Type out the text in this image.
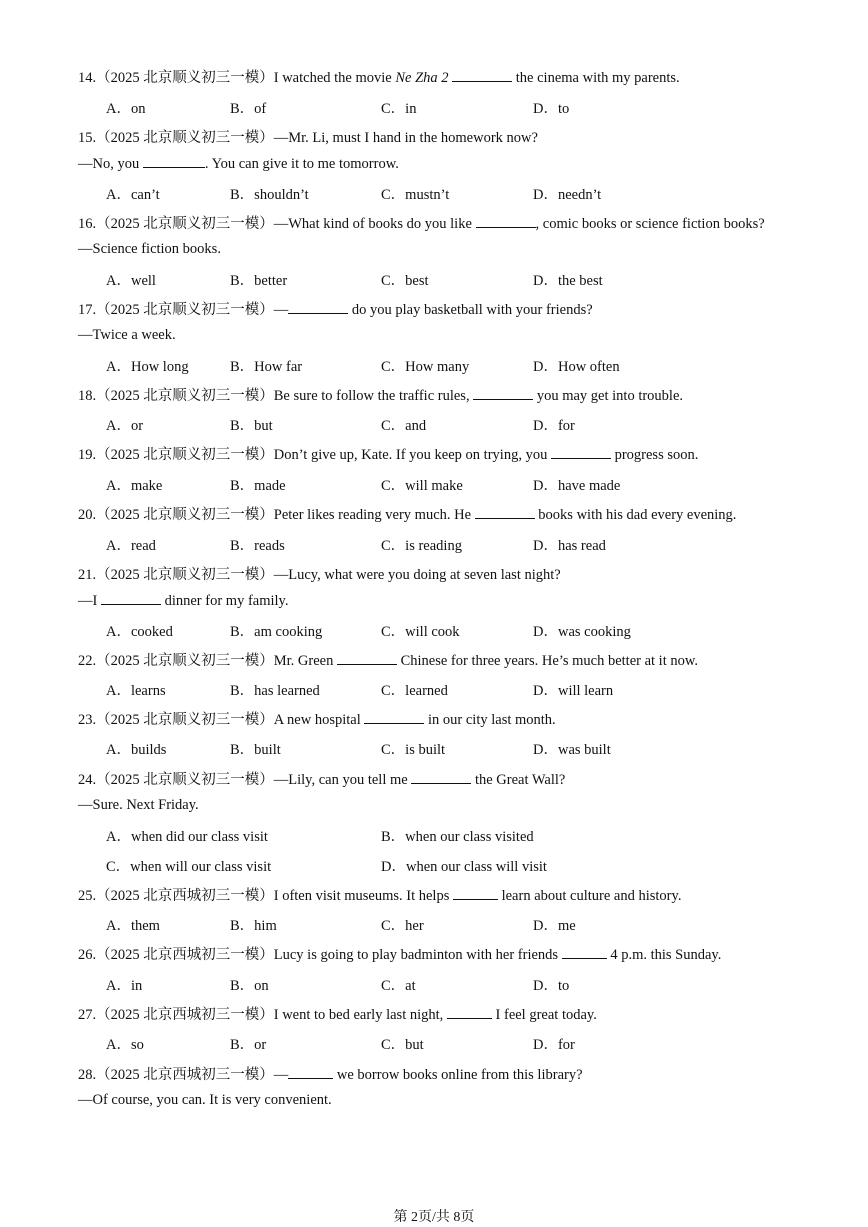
14.（2025 北京顺义初三一模）I watched the movie Ne Zha 2	the cinema with my parents.
A．on	B．of	C．in	D．to
15.（2025 北京顺义初三一模）—Mr. Li, must I hand in the homework now?
—No, you	. You can give it to me tomorrow.
A．can’t	B．shouldn’t	C．mustn’t	D．needn’t
16.（2025 北京顺义初三一模）—What kind of books do you like	, comic books or science fiction books?
—Science fiction books.
A．well	B．better	C．best	D．the best
17.（2025 北京顺义初三一模）—	do you play basketball with your friends?
—Twice a week.
A．How long	B．How far	C．How many	D．How often
18.（2025 北京顺义初三一模）Be sure to follow the traffic rules,	you may get into trouble.
A．or	B．but	C．and	D．for
19.（2025 北京顺义初三一模）Don’t give up, Kate. If you keep on trying, you	progress soon.
A．make	B．made	C．will make	D．have made
20.（2025 北京顺义初三一模）Peter likes reading very much. He	books with his dad every evening.
A．read	B．reads	C．is reading	D．has read
21.（2025 北京顺义初三一模）—Lucy, what were you doing at seven last night?
—I	dinner for my family.
A．cooked	B．am cooking	C．will cook	D．was cooking
22.（2025 北京顺义初三一模）Mr. Green	Chinese for three years. He’s much better at it now.
A．learns	B．has learned	C．learned	D．will learn
23.（2025 北京顺义初三一模）A new hospital	in our city last month.
A．builds	B．built	C．is built	D．was built
24.（2025 北京顺义初三一模）—Lily, can you tell me	the Great Wall?
—Sure. Next Friday.
A．when did our class visit	B．when our class visited
C．when will our class visit	D．when our class will visit
25.（2025 北京西城初三一模）I often visit museums. It helps	learn about culture and history.
A．them	B．him	C．her	D．me
26.（2025 北京西城初三一模）Lucy is going to play badminton with her friends	4 p.m. this Sunday.
A．in	B．on	C．at	D．to
27.（2025 北京西城初三一模）I went to bed early last night,	I feel great today.
A．so	B．or	C．but	D．for
28.（2025 北京西城初三一模）—	we borrow books online from this library?
—Of course, you can. It is very convenient.
第 2页/共 8页
